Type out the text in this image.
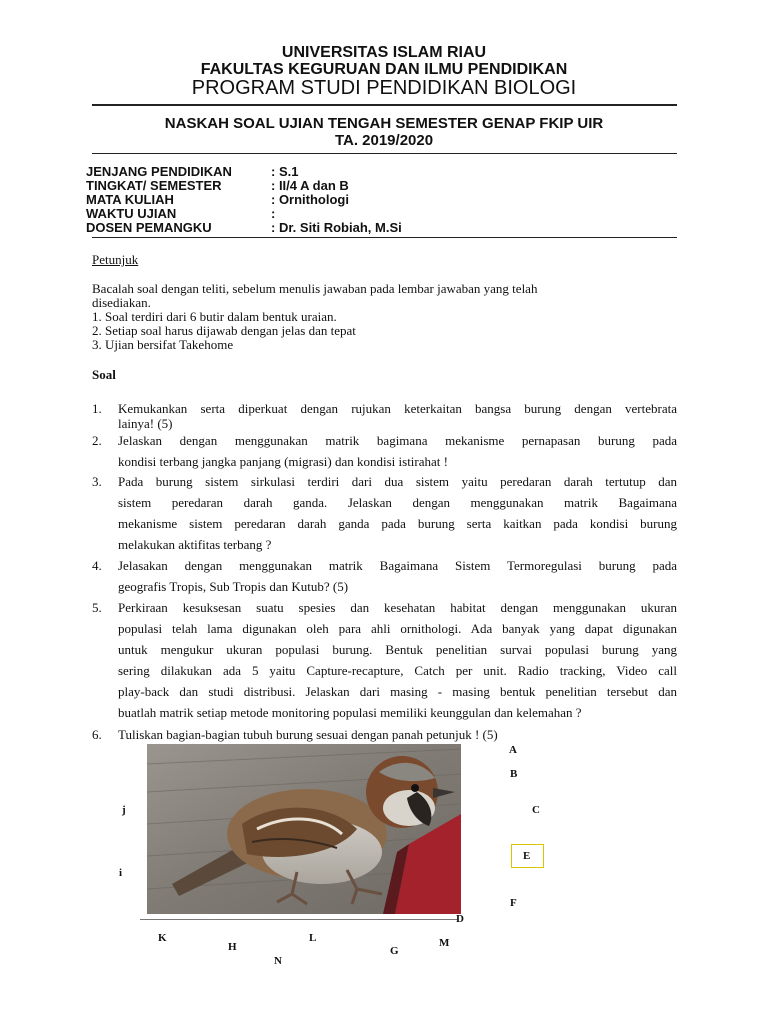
UNIVERSITAS ISLAM RIAU
FAKULTAS KEGURUAN DAN ILMU PENDIDIKAN
PROGRAM STUDI PENDIDIKAN BIOLOGI
NASKAH SOAL UJIAN TENGAH SEMESTER GENAP FKIP UIR
TA. 2019/2020
JENJANG PENDIDIKAN	: S.1
TINGKAT/ SEMESTER	: II/4 A dan B
MATA KULIAH	: Ornithologi
WAKTU UJIAN	:
DOSEN PEMANGKU	: Dr. Siti Robiah, M.Si
Petunjuk
Bacalah soal dengan teliti, sebelum menulis jawaban pada lembar jawaban yang telah
disediakan.
1. Soal terdiri dari 6 butir dalam bentuk uraian.
2. Setiap soal harus dijawab dengan jelas dan tepat
3. Ujian bersifat Takehome
Soal
1. Kemukankan serta diperkuat dengan rujukan keterkaitan bangsa burung dengan vertebrata
lainya! (5)
2. Jelaskan dengan menggunakan matrik bagimana mekanisme pernapasan burung pada
kondisi terbang jangka panjang (migrasi) dan kondisi istirahat !
3. Pada burung sistem sirkulasi terdiri dari dua sistem yaitu peredaran darah tertutup dan
sistem peredaran darah ganda. Jelaskan dengan menggunakan matrik Bagaimana
mekanisme sistem peredaran darah ganda pada burung serta kaitkan pada kondisi burung
melakukan aktifitas terbang ?
4. Jelasakan dengan menggunakan matrik Bagaimana Sistem Termoregulasi burung pada
geografis Tropis, Sub Tropis dan Kutub? (5)
5. Perkiraan kesuksesan suatu spesies dan kesehatan habitat dengan menggunakan ukuran
populasi telah lama digunakan oleh para ahli ornithologi. Ada banyak yang dapat digunakan
untuk mengukur ukuran populasi burung. Bentuk penelitian survai populasi burung yang
sering dilakukan ada 5 yaitu Capture-recapture, Catch per unit. Radio tracking, Video call
play-back dan studi distribusi. Jelaskan dari masing - masing bentuk penelitian tersebut dan
buatlah matrik setiap metode monitoring populasi memiliki keunggulan dan kelemahan ?
6. Tuliskan bagian-bagian tubuh burung sesuai dengan panah petunjuk ! (5)
A
B
C
E
F
D
j
i
K
H
L
G
M
N
